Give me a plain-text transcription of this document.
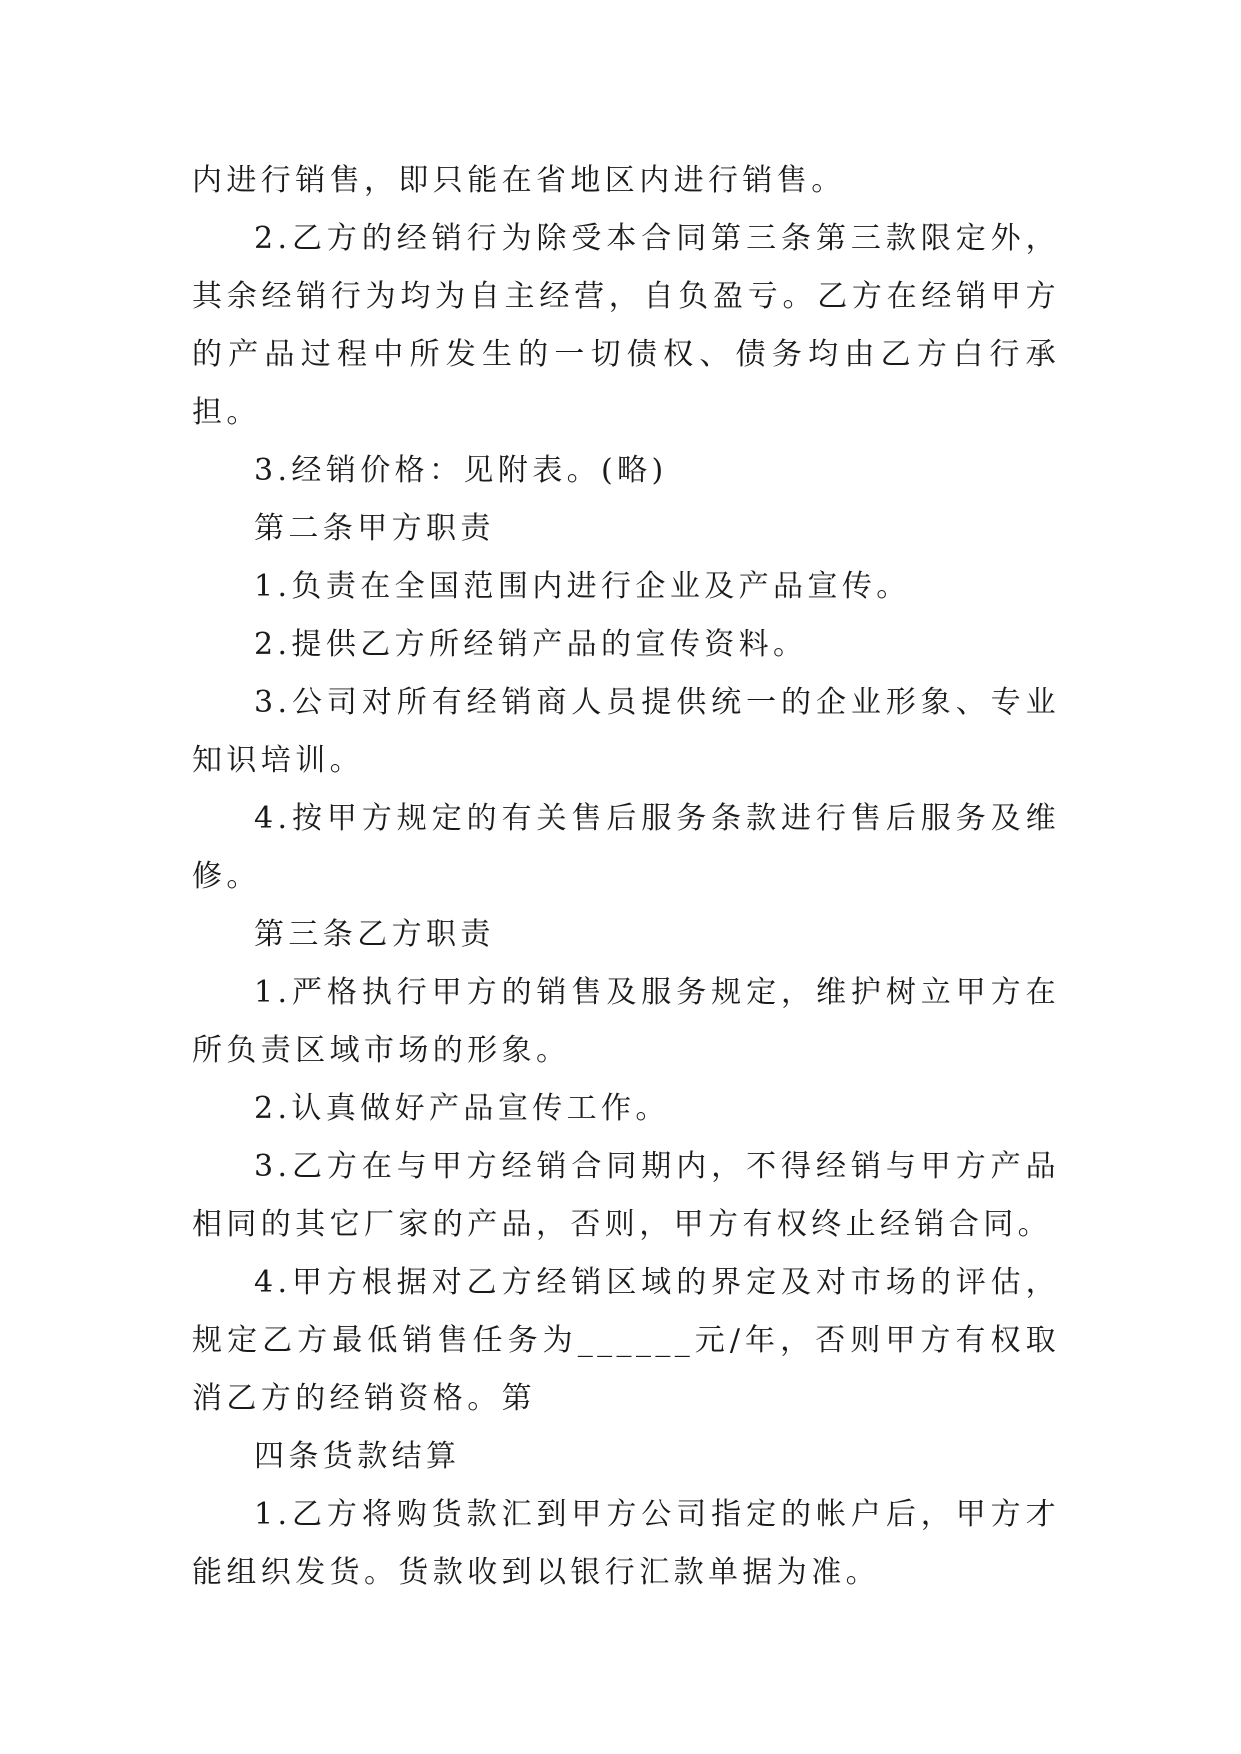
内进行销售，即只能在省地区内进行销售。

2.乙方的经销行为除受本合同第三条第三款限定外，其余经销行为均为自主经营，自负盈亏。乙方在经销甲方的产品过程中所发生的一切债权、债务均由乙方白行承担。

3.经销价格：见附表。(略)

第二条甲方职责

1.负责在全国范围内进行企业及产品宣传。

2.提供乙方所经销产品的宣传资料。

3.公司对所有经销商人员提供统一的企业形象、专业知识培训。

4.按甲方规定的有关售后服务条款进行售后服务及维修。

第三条乙方职责

1.严格执行甲方的销售及服务规定，维护树立甲方在所负责区域市场的形象。

2.认真做好产品宣传工作。

3.乙方在与甲方经销合同期内，不得经销与甲方产品相同的其它厂家的产品，否则，甲方有权终止经销合同。

4.甲方根据对乙方经销区域的界定及对市场的评估，规定乙方最低销售任务为______元/年，否则甲方有权取消乙方的经销资格。第

四条货款结算

1.乙方将购货款汇到甲方公司指定的帐户后，甲方才能组织发货。货款收到以银行汇款单据为准。
